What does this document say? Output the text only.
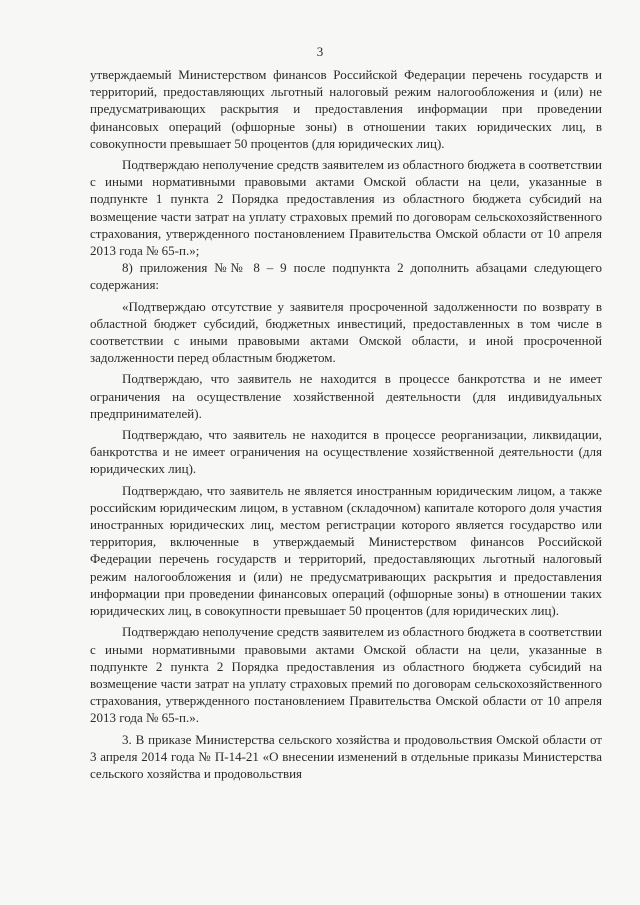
3

утверждаемый Министерством финансов Российской Федерации перечень государств и территорий, предоставляющих льготный налоговый режим налогообложения и (или) не предусматривающих раскрытия и предоставления информации при проведении финансовых операций (офшорные зоны) в отношении таких юридических лиц, в совокупности превышает 50 процентов (для юридических лиц).

Подтверждаю неполучение средств заявителем из областного бюджета в соответствии с иными нормативными правовыми актами Омской области на цели, указанные в подпункте 1 пункта 2 Порядка предоставления из областного бюджета субсидий на возмещение части затрат на уплату страховых премий по договорам сельскохозяйственного страхования, утвержденного постановлением Правительства Омской области от 10 апреля 2013 года № 65-п.»;

8) приложения №№ 8 – 9 после подпункта 2 дополнить абзацами следующего содержания:

«Подтверждаю отсутствие у заявителя просроченной задолженности по возврату в областной бюджет субсидий, бюджетных инвестиций, предоставленных в том числе в соответствии с иными правовыми актами Омской области, и иной просроченной задолженности перед областным бюджетом.

Подтверждаю, что заявитель не находится в процессе банкротства и не имеет ограничения на осуществление хозяйственной деятельности (для индивидуальных предпринимателей).

Подтверждаю, что заявитель не находится в процессе реорганизации, ликвидации, банкротства и не имеет ограничения на осуществление хозяйственной деятельности (для юридических лиц).

Подтверждаю, что заявитель не является иностранным юридическим лицом, а также российским юридическим лицом, в уставном (складочном) капитале которого доля участия иностранных юридических лиц, местом регистрации которого является государство или территория, включенные в утверждаемый Министерством финансов Российской Федерации перечень государств и территорий, предоставляющих льготный налоговый режим налогообложения и (или) не предусматривающих раскрытия и предоставления информации при проведении финансовых операций (офшорные зоны) в отношении таких юридических лиц, в совокупности превышает 50 процентов (для юридических лиц).

Подтверждаю неполучение средств заявителем из областного бюджета в соответствии с иными нормативными правовыми актами Омской области на цели, указанные в подпункте 2 пункта 2 Порядка предоставления из областного бюджета субсидий на возмещение части затрат на уплату страховых премий по договорам сельскохозяйственного страхования, утвержденного постановлением Правительства Омской области от 10 апреля 2013 года № 65-п.».

3. В приказе Министерства сельского хозяйства и продовольствия Омской области от 3 апреля 2014 года № П-14-21 «О внесении изменений в отдельные приказы Министерства сельского хозяйства и продовольствия
